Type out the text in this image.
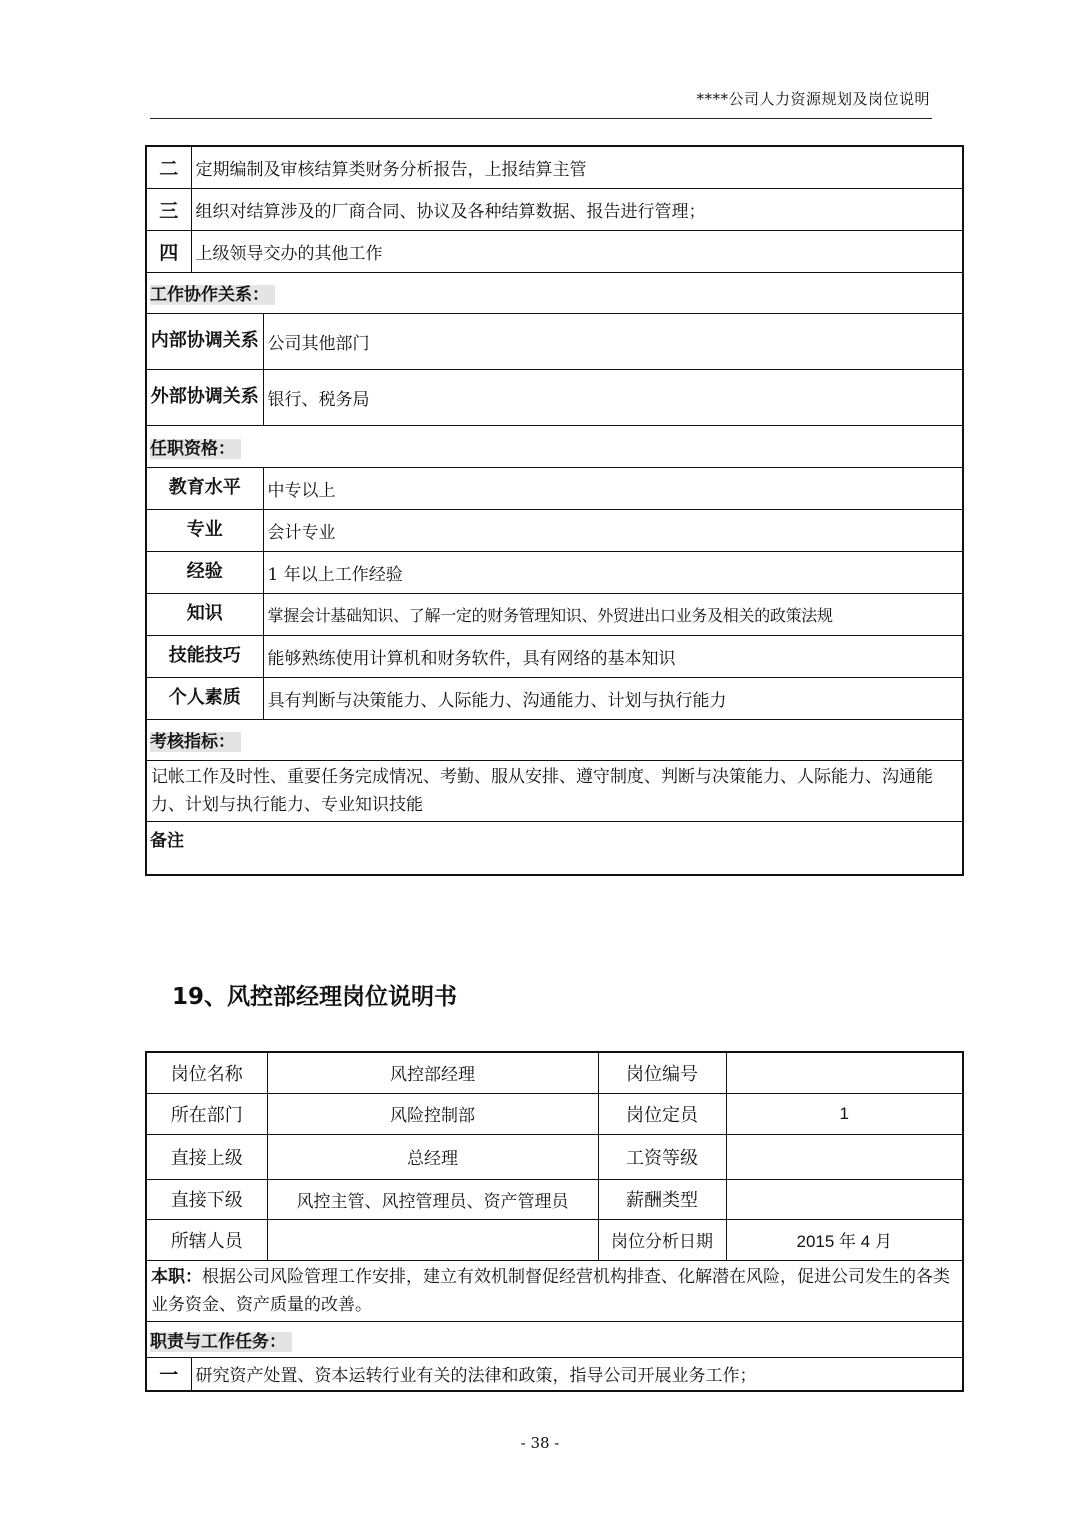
****公司人力资源规划及岗位说明
二	定期编制及审核结算类财务分析报告，上报结算主管	
三	组织对结算涉及的厂商合同、协议及各种结算数据、报告进行管理；	
四	上级领导交办的其他工作	
工作协作关系：		
内部协调关系		公司其他部门
外部协调关系		银行、税务局
任职资格：		
教育水平		中专以上
专业		会计专业
经验		1 年以上工作经验
知识		掌握会计基础知识、了解一定的财务管理知识、外贸进出口业务及相关的政策法规
技能技巧		能够熟练使用计算机和财务软件，具有网络的基本知识
个人素质		具有判断与决策能力、人际能力、沟通能力、计划与执行能力
考核指标：		
记帐工作及时性、重要任务完成情况、考勤、服从安排、遵守制度、判断与决策能力、人际能力、沟通能力、计划与执行能力、专业知识技能		
备注		
19、风控部经理岗位说明书
岗位名称		风控部经理	岗位编号	
所在部门		风险控制部	岗位定员	1
直接上级		总经理	工资等级	
直接下级		风控主管、风控管理员、资产管理员	薪酬类型	
所辖人员			岗位分析日期	2015 年 4 月
本职：根据公司风险管理工作安排，建立有效机制督促经营机构排查、化解潜在风险，促进公司发生的各类业务资金、资产质量的改善。				
职责与工作任务：				
一	研究资产处置、资本运转行业有关的法律和政策，指导公司开展业务工作；			
- 38 -
